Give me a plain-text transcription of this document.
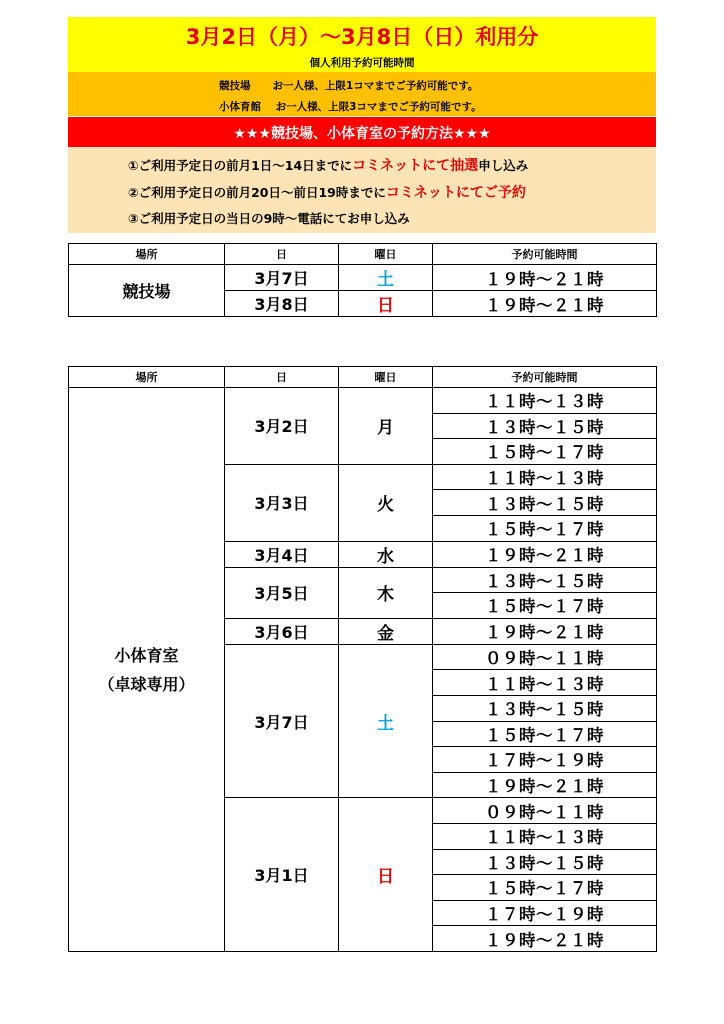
3月2日（月）～3月8日（日）利用分
個人利用予約可能時間
競技場 お一人様、上限1コマまでご予約可能です。
小体育館 お一人様、上限3コマまでご予約可能です。
★★★競技場、小体育室の予約方法★★★
①ご利用予定日の前月1日～14日までにコミネットにて抽選申し込み
②ご利用予定日の前月20日～前日19時までにコミネットにてご予約
③ご利用予定日の当日の9時～電話にてお申し込み
場所	日	曜日	予約可能時間
競技場	3月7日	土	１９時～２１時
	3月8日	日	１９時～２１時
場所	日	曜日	予約可能時間

小体育室
（卓球専用）	3月2日	月	１１時～１３時
			１３時～１５時
			１５時～１７時
	3月3日	火	１１時～１３時
			１３時～１５時
			１５時～１７時
	3月4日	水	１９時～２１時
	3月5日	木	１３時～１５時
			１５時～１７時
	3月6日	金	１９時～２１時
	3月7日	土	０９時～１１時
			１１時～１３時
			１３時～１５時
			１５時～１７時
			１７時～１９時
			１９時～２１時
	3月1日	日	０９時～１１時
			１１時～１３時
			１３時～１５時
			１５時～１７時
			１７時～１９時
			１９時～２１時
